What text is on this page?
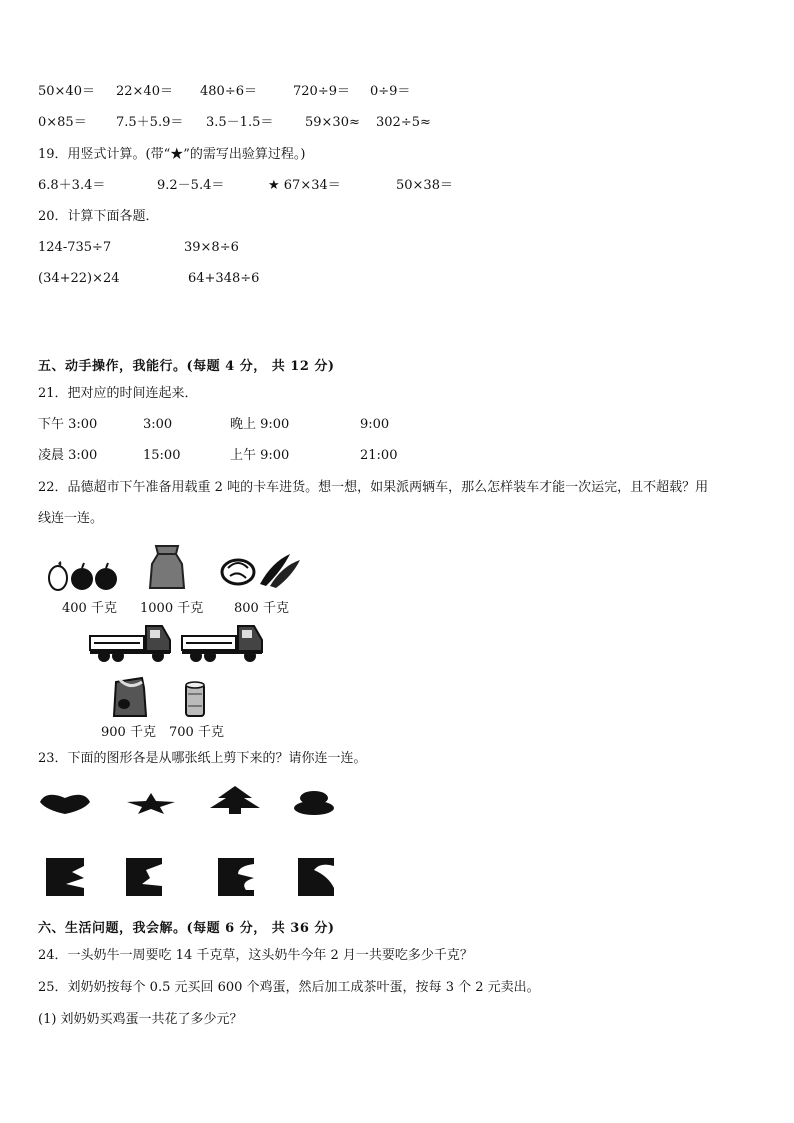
50×40＝ 22×40＝ 480÷6＝	720÷9＝ 0÷9＝
0×85＝ 7.5＋5.9＝ 3.5－1.5＝ 59×30≈ 302÷5≈
19．用竖式计算。(带“★”的需写出验算过程。)
6.8＋3.4＝	9.2－5.4＝	★ 67×34＝	50×38＝
20．计算下面各题．
124-735÷7	39×8÷6
(34+22)×24	64+348÷6
五、动手操作，我能行。(每题 4 分， 共 12 分)
21．把对应的时间连起来．
下午 3:00	3:00	晚上 9:00	9:00
凌晨 3:00	15:00	上午 9:00	21:00
22．品德超市下午准备用载重 2 吨的卡车进货。想一想，如果派两辆车，那么怎样装车才能一次运完，且不超载？用
线连一连。
400 千克 1000 千克 800 千克
900 千克 700 千克
23．下面的图形各是从哪张纸上剪下来的？请你连一连。
六、生活问题，我会解。(每题 6 分， 共 36 分)
24．一头奶牛一周要吃 14 千克草，这头奶牛今年 2 月一共要吃多少千克？
25．刘奶奶按每个 0.5 元买回 600 个鸡蛋，然后加工成茶叶蛋，按每 3 个 2 元卖出。
(1) 刘奶奶买鸡蛋一共花了多少元？
